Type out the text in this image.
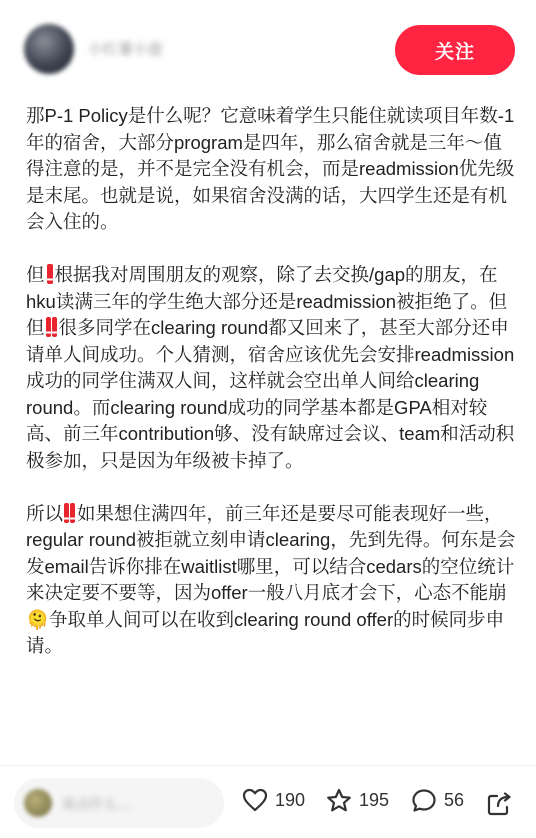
小红薯小崽	关注

那P-1 Policy是什么呢？它意味着学生只能住就读项目年数-1年的宿舍，大部分program是四年，那么宿舍就是三年～值得注意的是，并不是完全没有机会，而是readmission优先级是末尾。也就是说，如果宿舍没满的话，大四学生还是有机会入住的。

但 根据我对周围朋友的观察，除了去交换/gap的朋友，在hku读满三年的学生绝大部分还是readmission被拒绝了。但但 很多同学在clearing round都又回来了，甚至大部分还申请单人间成功。个人猜测，宿舍应该优先会安排readmission成功的同学住满双人间，这样就会空出单人间给clearing round。而clearing round成功的同学基本都是GPA相对较高、前三年contribution够、没有缺席过会议、team和活动积极参加，只是因为年级被卡掉了。

所以 如果想住满四年，前三年还是要尽可能表现好一些，regular round被拒就立刻申请clearing，先到先得。何东是会发email告诉你排在waitlist哪里，可以结合cedars的空位统计来决定要不要等，因为offer一般八月底才会下，心态不能崩🫠争取单人间可以在收到clearing round offer的时候同步申请。

说点什么...	190	195	56
